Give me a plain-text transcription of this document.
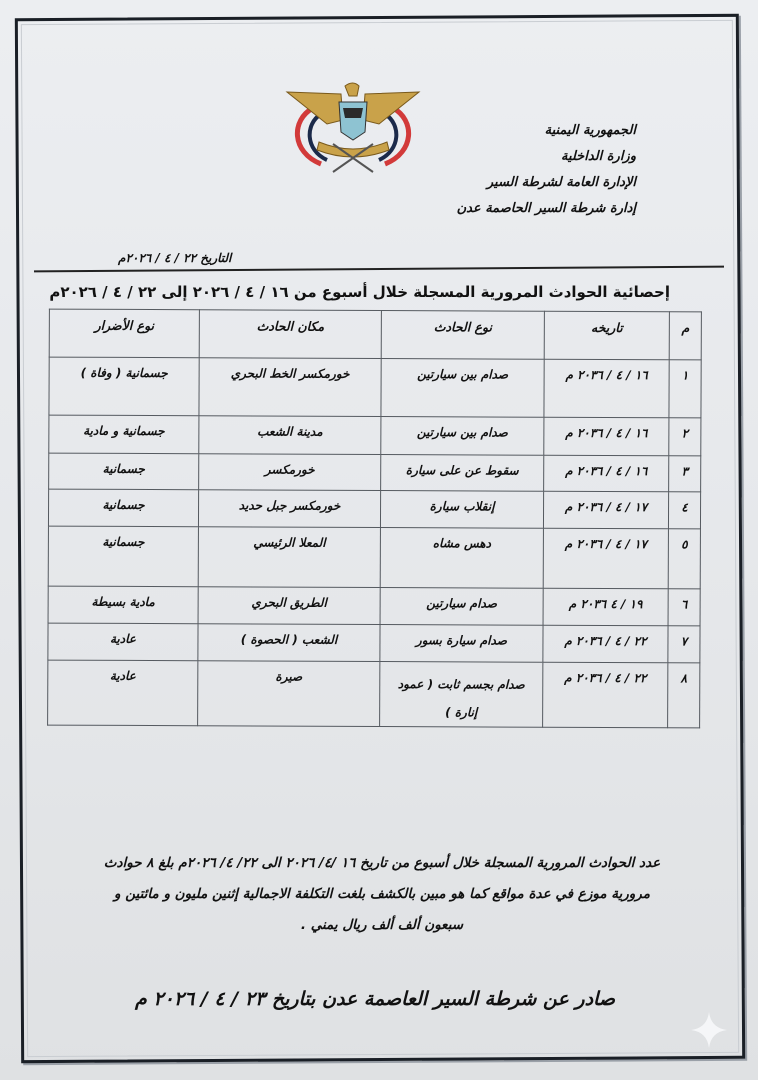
الجمهورية اليمنية
وزارة الداخلية
الإدارة العامة لشرطة السير
إدارة شرطة السير الحاصمة عدن
التاريخ ٢٢ / ٤ / ٢٠٢٦م
إحصائية الحوادث المرورية المسجلة خلال أسبوع من ١٦ / ٤ / ٢٠٢٦ إلى ٢٢ / ٤ / ٢٠٢٦م
م	تاريخه	نوع الحادث	مكان الحادث	نوع الأضرار
١	١٦ / ٤ / ٢٠٣٦ م	صدام بين سيارتين	خورمكسر الخط البحري	جسمانية ( وفاة )
٢	١٦ / ٤ / ٢٠٣٦ م	صدام بين سيارتين	مدينة الشعب	جسمانية و مادية
٣	١٦ / ٤ / ٢٠٣٦ م	سقوط عن على سيارة	خورمكسر	جسمانية
٤	١٧ / ٤ / ٢٠٣٦ م	إنقلاب سيارة	خورمكسر جبل حديد	جسمانية
٥	١٧ / ٤ / ٢٠٣٦ م	دهس مشاه	المعلا الرئيسي	جسمانية
٦	١٩ / ٤ ٢٠٣٦ م	صدام سيارتين	الطريق البحري	مادية بسيطة
٧	٢٢ / ٤ / ٢٠٣٦ م	صدام سيارة بسور	الشعب ( الحصوة )	عادية
٨	٢٢ / ٤ / ٢٠٣٦ م	صدام بجسم ثابت ( عمود إنارة )	صيرة	عادية
عدد الحوادث المرورية المسجلة خلال أسبوع من تاريخ ١٦ /٤/ ٢٠٢٦ الى ٢٢/ ٤/ ٢٠٢٦م بلغ ٨ حوادث
مرورية موزع في عدة مواقع كما هو مبين بالكشف بلغت التكلفة الاجمالية إثنين مليون و مائتين و
سبعون ألف ألف ريال يمني .
صادر عن شرطة السير العاصمة عدن بتاريخ ٢٣ / ٤ / ٢٠٢٦ م
